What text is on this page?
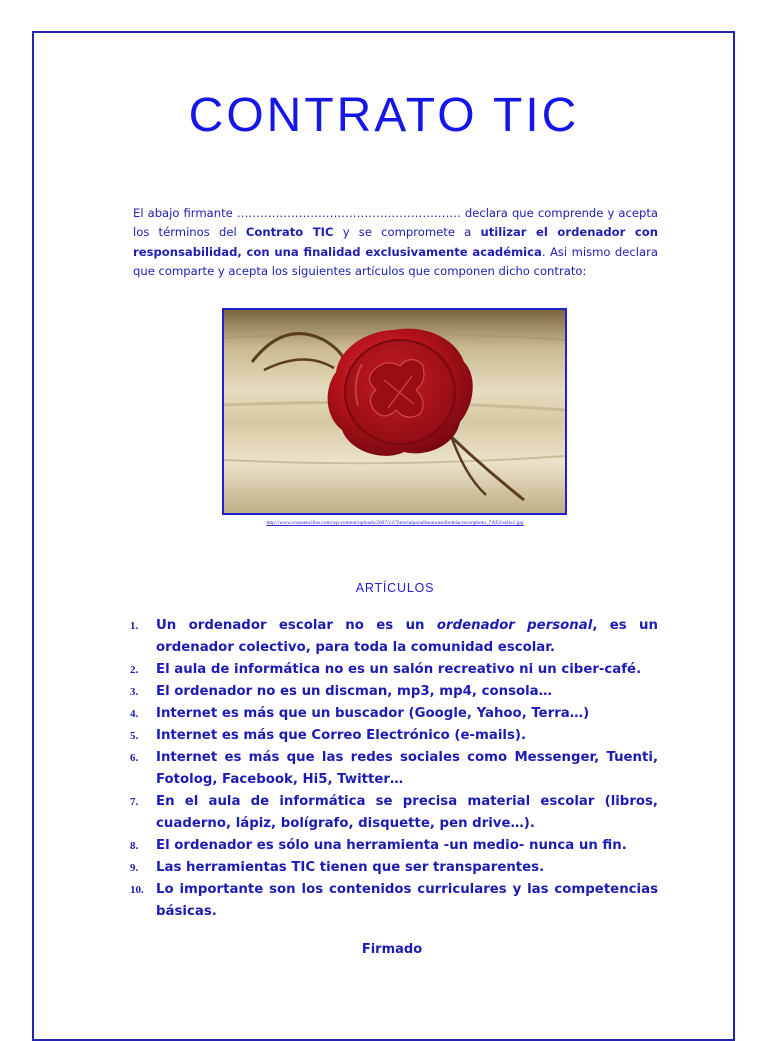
CONTRATO TIC

El abajo firmante …………………………………………………. declara que comprende y acepta los términos del Contrato TIC y se compromete a utilizar el ordenador con responsabilidad, con una finalidad exclusivamente académica. Asi mismo declara que comparte y acepta los siguientes artículos que componen dicho contrato:

http://www.cosasencillas.com/wp-content/uploads/2007/12/Tutorialparadisearunsellodelacreconphoto_7AF2/sello1.jpg
ARTÍCULOS
1. Un ordenador escolar no es un ordenador personal, es un ordenador colectivo, para toda la comunidad escolar.
2. El aula de informática no es un salón recreativo ni un ciber-café.
3. El ordenador no es un discman, mp3, mp4, consola…
4. Internet es más que un buscador (Google, Yahoo, Terra…)
5. Internet es más que Correo Electrónico (e-mails).
6. Internet es más que las redes sociales como Messenger, Tuenti, Fotolog, Facebook, Hi5, Twitter…
7. En el aula de informática se precisa material escolar (libros, cuaderno, lápiz, bolígrafo, disquette, pen drive…).
8. El ordenador es sólo una herramienta -un medio- nunca un fin.
9. Las herramientas TIC tienen que ser transparentes.
10. Lo importante son los contenidos curriculares y las competencias básicas.
Firmado
